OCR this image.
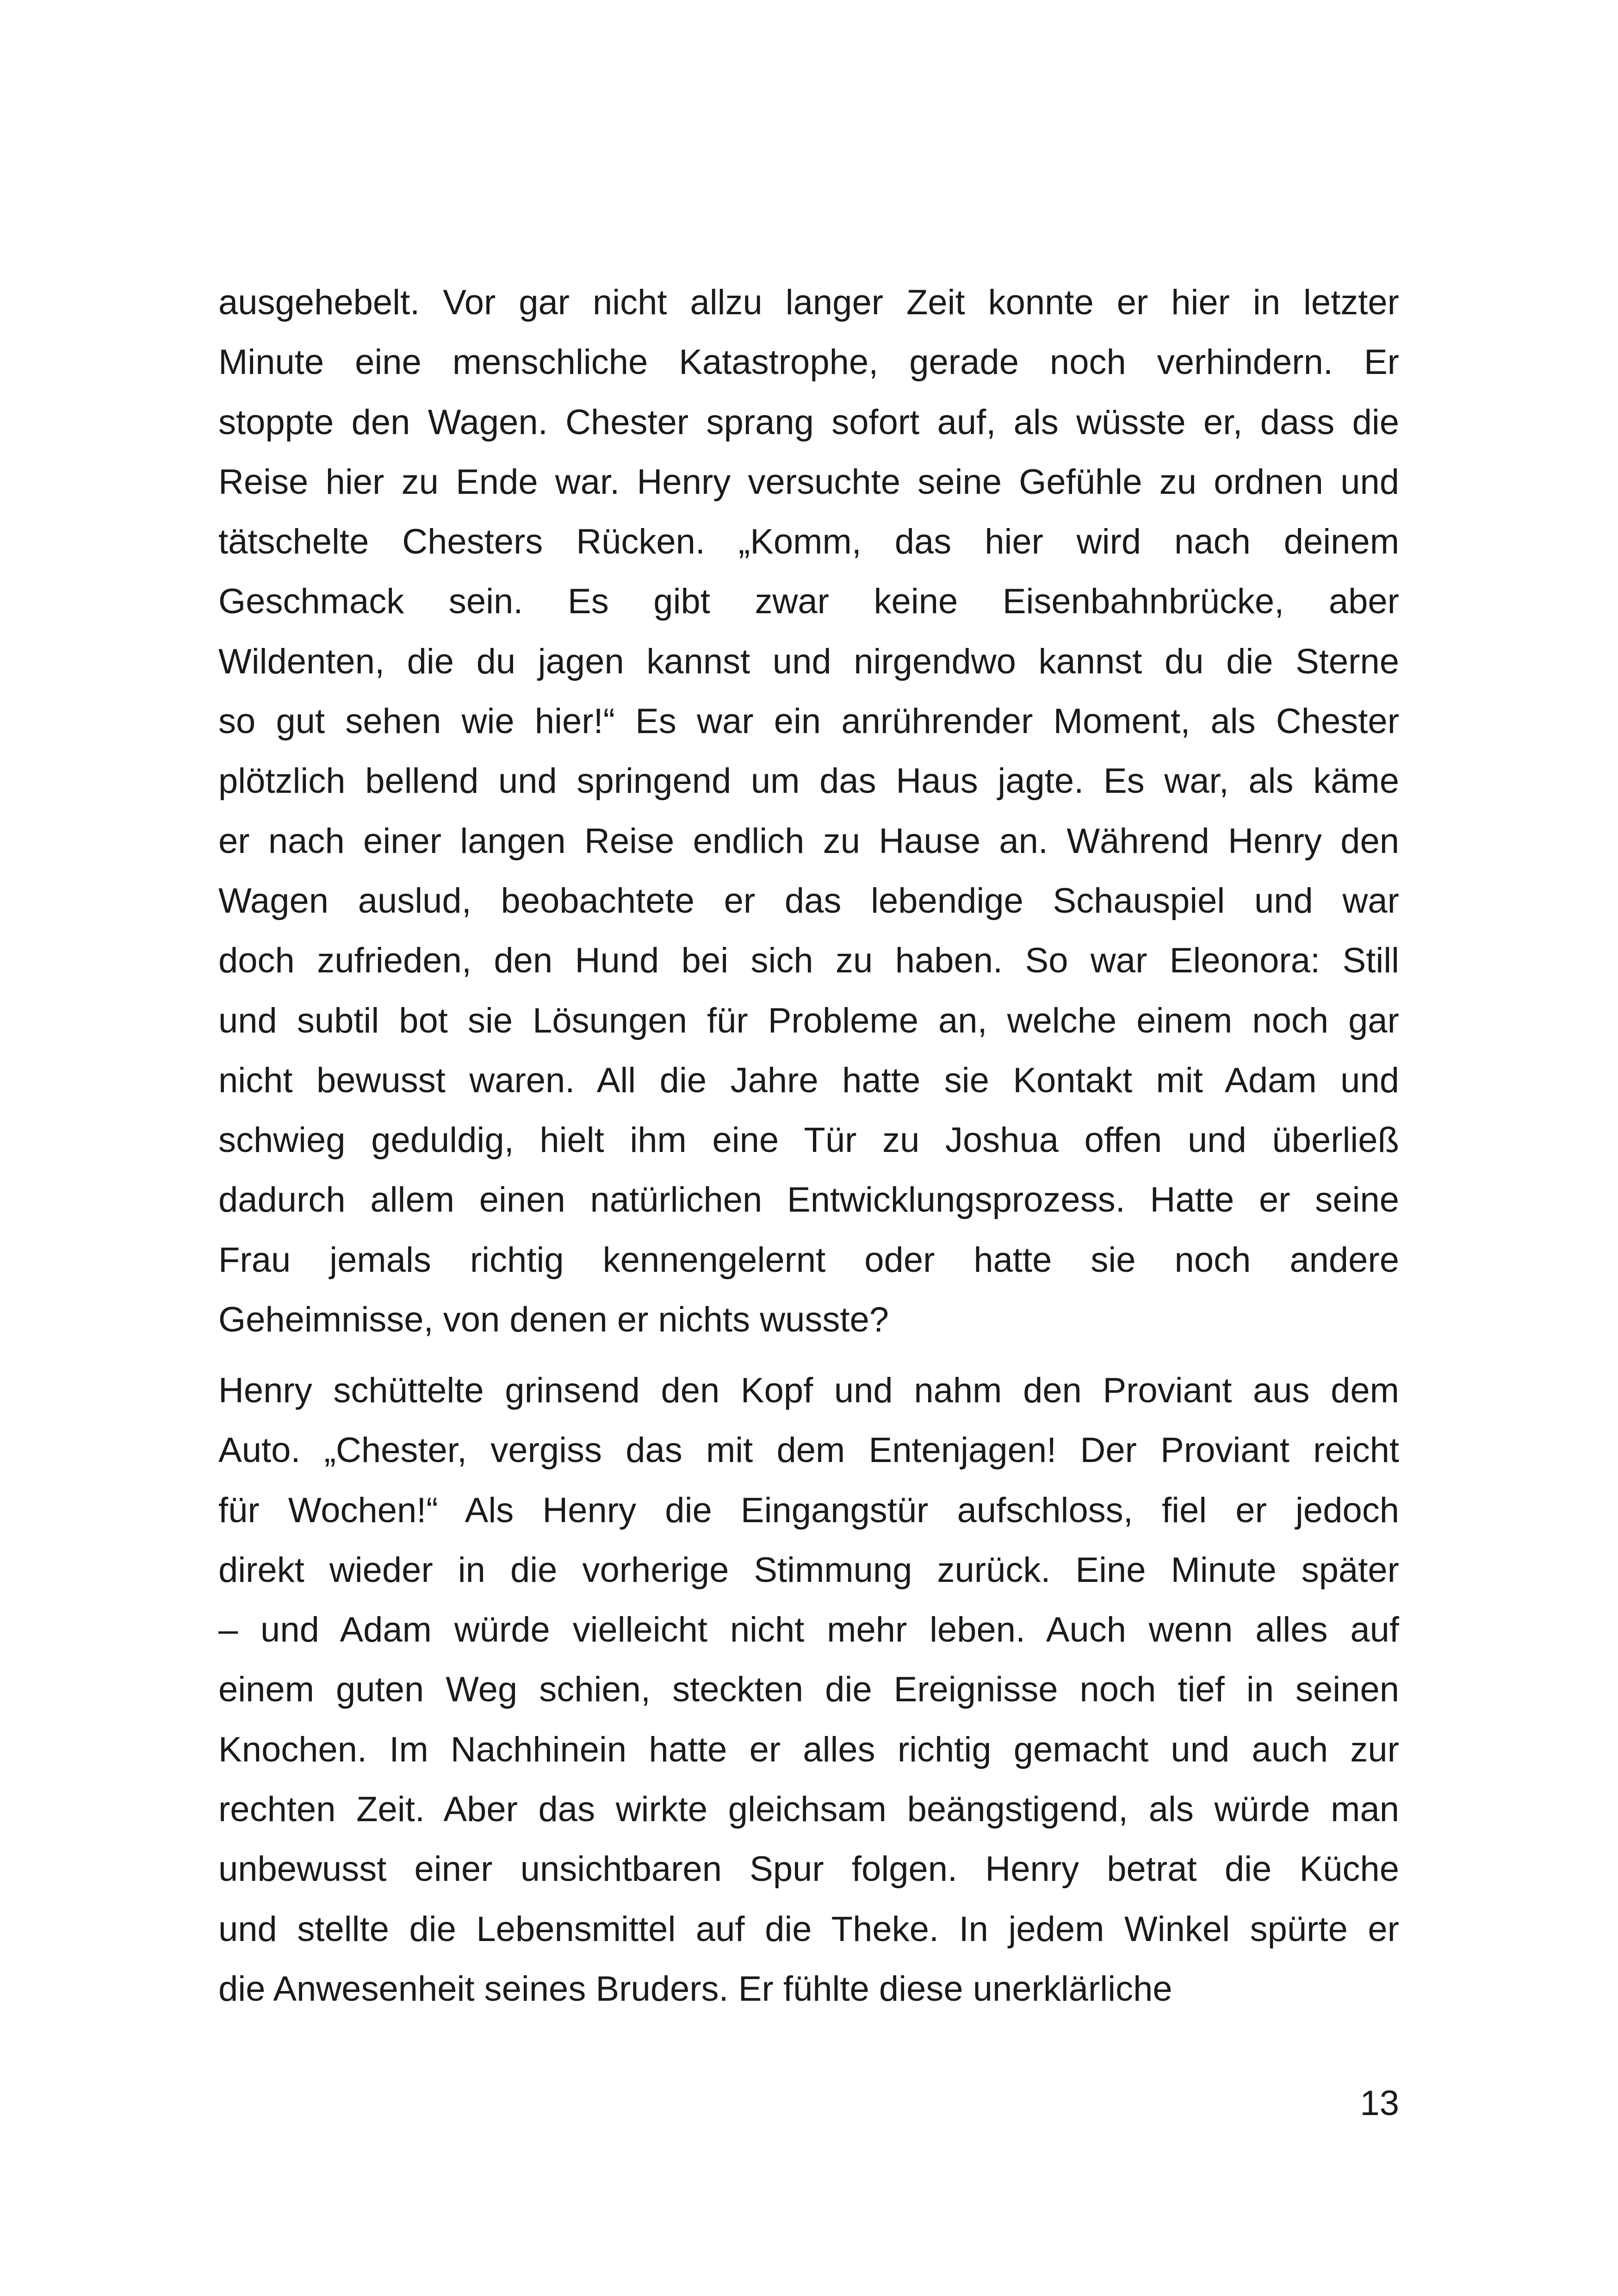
ausgehebelt. Vor gar nicht allzu langer Zeit konnte er hier in letzter
Minute eine menschliche Katastrophe, gerade noch verhindern. Er
stoppte den Wagen. Chester sprang sofort auf, als wüsste er, dass die
Reise hier zu Ende war. Henry versuchte seine Gefühle zu ordnen und
tätschelte Chesters Rücken. „Komm, das hier wird nach deinem
Geschmack sein. Es gibt zwar keine Eisenbahnbrücke, aber
Wildenten, die du jagen kannst und nirgendwo kannst du die Sterne
so gut sehen wie hier!“ Es war ein anrührender Moment, als Chester
plötzlich bellend und springend um das Haus jagte. Es war, als käme
er nach einer langen Reise endlich zu Hause an. Während Henry den
Wagen auslud, beobachtete er das lebendige Schauspiel und war
doch zufrieden, den Hund bei sich zu haben. So war Eleonora: Still
und subtil bot sie Lösungen für Probleme an, welche einem noch gar
nicht bewusst waren. All die Jahre hatte sie Kontakt mit Adam und
schwieg geduldig, hielt ihm eine Tür zu Joshua offen und überließ
dadurch allem einen natürlichen Entwicklungsprozess. Hatte er seine
Frau jemals richtig kennengelernt oder hatte sie noch andere
Geheimnisse, von denen er nichts wusste?
Henry schüttelte grinsend den Kopf und nahm den Proviant aus dem
Auto. „Chester, vergiss das mit dem Entenjagen! Der Proviant reicht
für Wochen!“ Als Henry die Eingangstür aufschloss, fiel er jedoch
direkt wieder in die vorherige Stimmung zurück. Eine Minute später
– und Adam würde vielleicht nicht mehr leben. Auch wenn alles auf
einem guten Weg schien, steckten die Ereignisse noch tief in seinen
Knochen. Im Nachhinein hatte er alles richtig gemacht und auch zur
rechten Zeit. Aber das wirkte gleichsam beängstigend, als würde man
unbewusst einer unsichtbaren Spur folgen. Henry betrat die Küche
und stellte die Lebensmittel auf die Theke. In jedem Winkel spürte er
die Anwesenheit seines Bruders. Er fühlte diese unerklärliche
13
